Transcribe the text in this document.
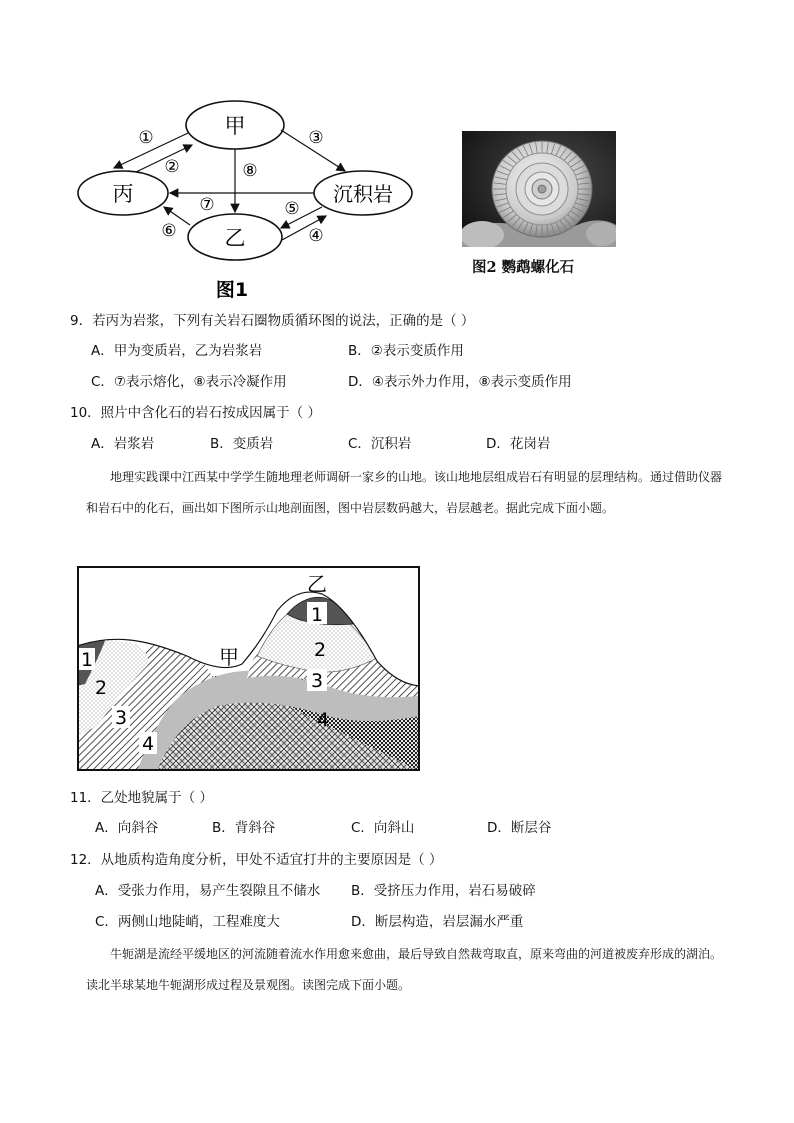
甲
丙	沉积岩
乙
①
②
③
⑧
⑦	⑤
⑥	④
图1
图2 鹦鹉螺化石
9．若丙为岩浆，下列有关岩石圈物质循环图的说法，正确的是（ ）
A．甲为变质岩，乙为岩浆岩	B．②表示变质作用
C．⑦表示熔化，⑧表示冷凝作用	D．④表示外力作用，⑧表示变质作用
10．照片中含化石的岩石按成因属于（ ）
A．岩浆岩	B．变质岩	C．沉积岩	D．花岗岩

地理实践课中江西某中学学生随地理老师调研一家乡的山地。该山地地层组成岩石有明显的层理结构。通过借助仪器和岩石中的化石，画出如下图所示山地剖面图，图中岩层数码越大，岩层越老。据此完成下面小题。

乙
甲
1
2
3
4
1
2
3
4
11．乙处地貌属于（ ）
A．向斜谷	B．背斜谷	C．向斜山	D．断层谷
12．从地质构造角度分析，甲处不适宜打井的主要原因是（ ）
A．受张力作用，易产生裂隙且不储水 B．受挤压力作用，岩石易破碎
C．两侧山地陡峭，工程难度大	D．断层构造，岩层漏水严重

牛轭湖是流经平缓地区的河流随着流水作用愈来愈曲，最后导致自然裁弯取直，原来弯曲的河道被废弃形成的湖泊。读北半球某地牛轭湖形成过程及景观图。读图完成下面小题。
